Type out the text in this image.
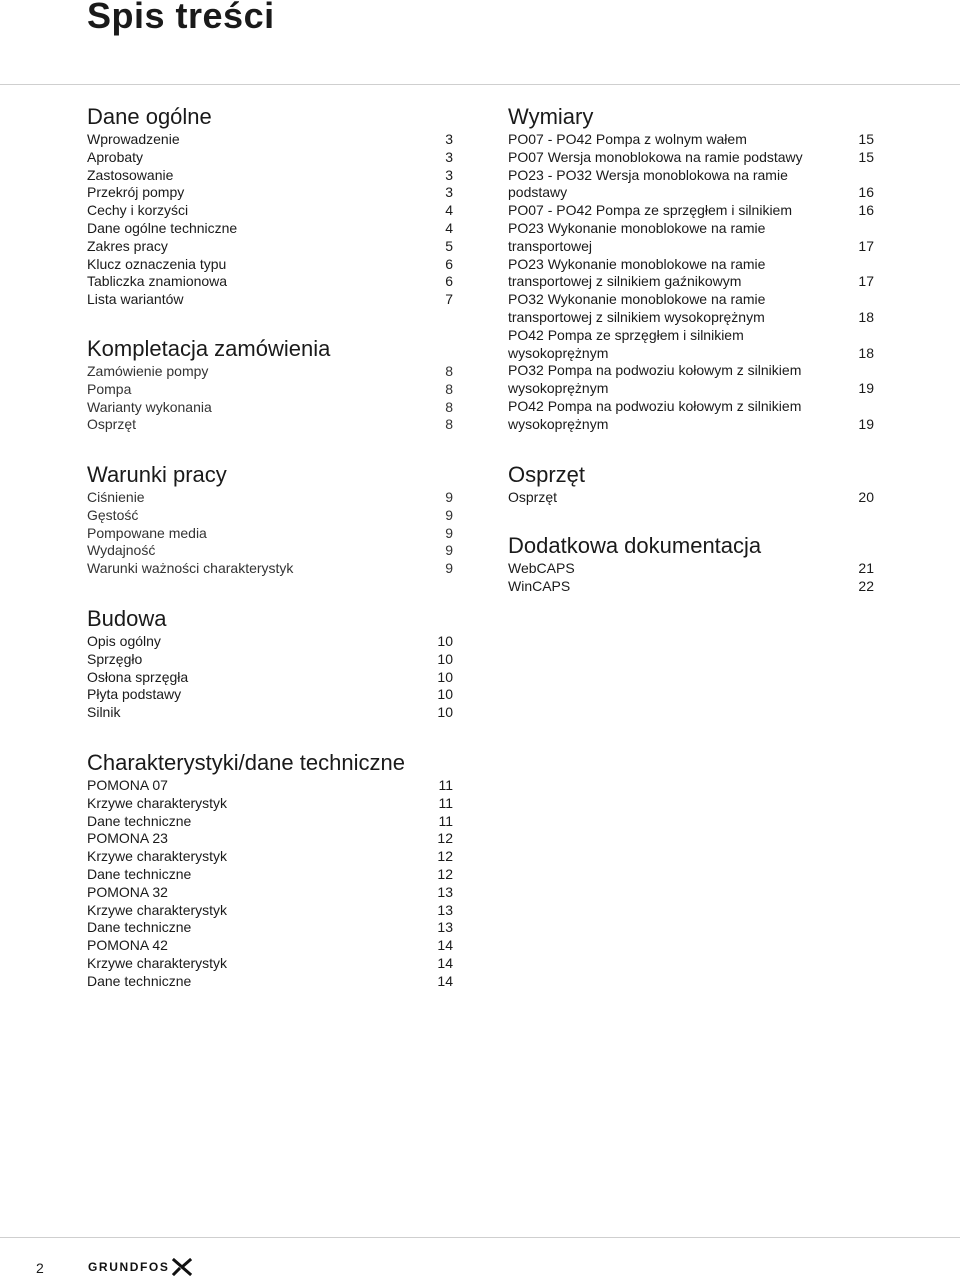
Spis treści
Dane ogólne
Wprowadzenie	3
Aprobaty	3
Zastosowanie	3
Przekrój pompy	3
Cechy i korzyści	4
Dane ogólne techniczne	4
Zakres pracy	5
Klucz oznaczenia typu	6
Tabliczka znamionowa	6
Lista wariantów	7
Kompletacja zamówienia
Zamówienie pompy	8
Pompa	8
Warianty wykonania	8
Osprzęt	8
Warunki pracy
Ciśnienie	9
Gęstość	9
Pompowane media	9
Wydajność	9
Warunki ważności charakterystyk	9
Budowa
Opis ogólny	10
Sprzęgło	10
Osłona sprzęgła	10
Płyta podstawy	10
Silnik	10
Charakterystyki/dane techniczne
POMONA 07	11
Krzywe charakterystyk	11
Dane techniczne	11
POMONA 23	12
Krzywe charakterystyk	12
Dane techniczne	12
POMONA 32	13
Krzywe charakterystyk	13
Dane techniczne	13
POMONA 42	14
Krzywe charakterystyk	14
Dane techniczne	14
Wymiary
PO07 - PO42 Pompa z wolnym wałem	15
PO07 Wersja monoblokowa na ramie podstawy	15
PO23 - PO32 Wersja monoblokowa na ramie
podstawy	16
PO07 - PO42 Pompa ze sprzęgłem i silnikiem	16
PO23 Wykonanie monoblokowe na ramie
transportowej	17
PO23 Wykonanie monoblokowe na ramie
transportowej z silnikiem gaźnikowym	17
PO32 Wykonanie monoblokowe na ramie
transportowej z silnikiem wysokoprężnym	18
PO42 Pompa ze sprzęgłem i silnikiem
wysokoprężnym	18
PO32 Pompa na podwoziu kołowym z silnikiem
wysokoprężnym	19
PO42 Pompa na podwoziu kołowym z silnikiem
wysokoprężnym	19
Osprzęt
Osprzęt	20
Dodatkowa dokumentacja
WebCAPS	21
WinCAPS	22
2	GRUNDFOS
